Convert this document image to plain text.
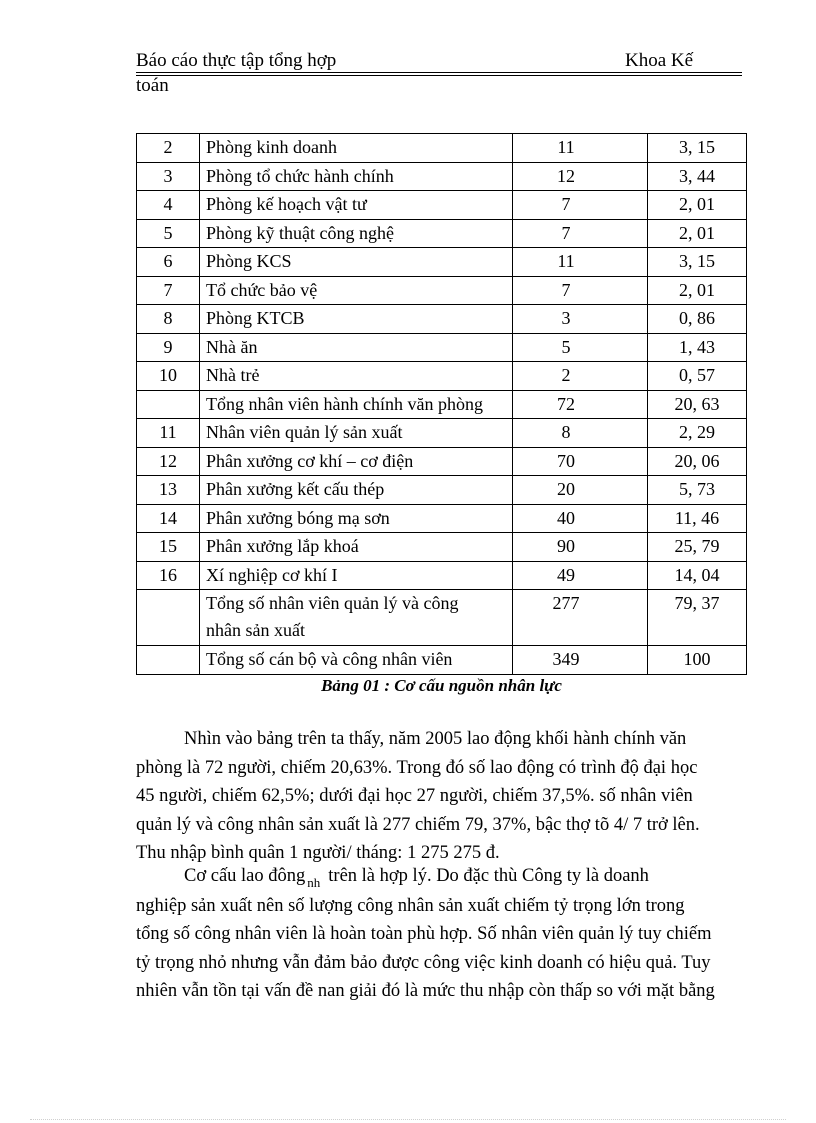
Báo cáo thực tập tổng hợp	Khoa Kế
toán
2	Phòng kinh doanh	11	3, 15
3	Phòng tổ chức hành chính	12	3, 44
4	Phòng kế hoạch vật tư	7	2, 01
5	Phòng kỹ thuật công nghệ	7	2, 01
6	Phòng KCS	11	3, 15
7	Tổ chức bảo vệ	7	2, 01
8	Phòng KTCB	3	0, 86
9	Nhà ăn	5	1, 43
10	Nhà trẻ	2	0, 57
	Tổng nhân viên hành chính văn phòng	72	20, 63
11	Nhân viên quản lý sản xuất	8	2, 29
12	Phân xưởng cơ khí – cơ điện	70	20, 06
13	Phân xưởng kết cấu thép	20	5, 73
14	Phân xưởng bóng mạ sơn	40	11, 46
15	Phân xưởng lắp khoá	90	25, 79
16	Xí nghiệp cơ khí I	49	14, 04

	Tổng số nhân viên quản lý và công
nhân sản xuất	277	79, 37
	Tổng số cán bộ và công nhân viên	349	100
Bảng 01 : Cơ cấu nguồn nhân lực
Nhìn vào bảng trên ta thấy, năm 2005 lao động khối hành chính văn
phòng là 72 người, chiếm 20,63%. Trong đó số lao động có trình độ đại học
45 người, chiếm 62,5%; dưới đại học 27 người, chiếm 37,5%. số nhân viên
quản lý và công nhân sản xuất là 277 chiếm 79, 37%, bậc thợ tõ 4/ 7 trở lên.
Thu nhập bình quân 1 người/ tháng: 1 275 275 đ.
Cơ cấu lao đông $_{nh}$ trên là hợp lý. Do đặc thù Công ty là doanh
nghiệp sản xuất nên số lượng công nhân sản xuất chiếm tỷ trọng lớn trong
tổng số công nhân viên là hoàn toàn phù hợp. Số nhân viên quản lý tuy chiếm
tỷ trọng nhỏ nhưng vẫn đảm bảo được công việc kinh doanh có hiệu quả. Tuy
nhiên vẫn tồn tại vấn đề nan giải đó là mức thu nhập còn thấp so với mặt bằng
